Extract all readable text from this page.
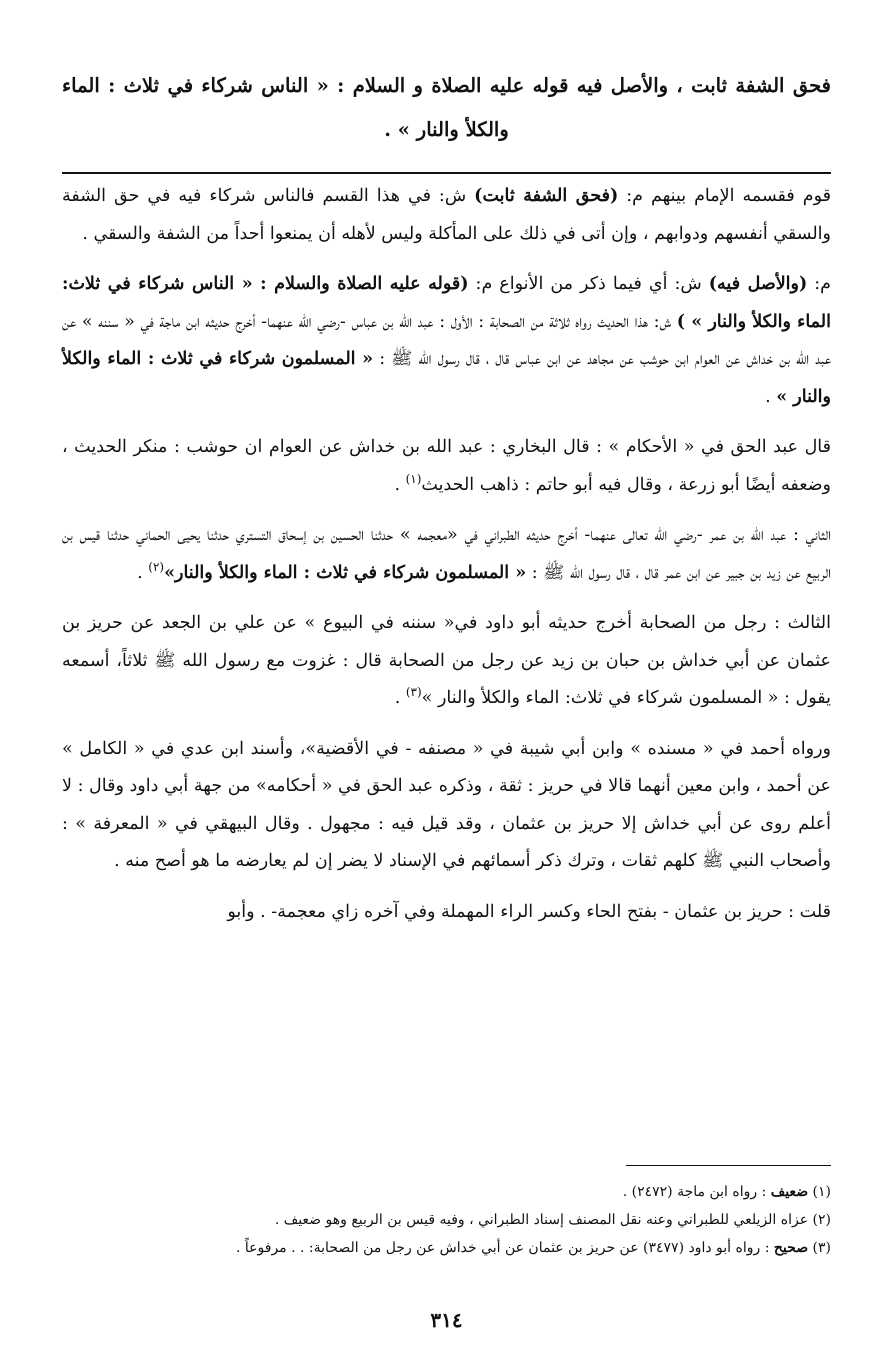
فحق الشفة ثابت ، والأصل فيه قوله عليه الصلاة و السلام : « الناس شركاء في ثلاث : الماء والكلأ والنار » .

قوم فقسمه الإمام بينهم م: (فحق الشفة ثابت) ش: في هذا القسم فالناس شركاء فيه في حق الشفة والسقي أنفسهم ودوابهم ، وإن أتى في ذلك على المأكلة وليس لأهله أن يمنعوا أحداً من الشفة والسقي .

م: (والأصل فيه) ش: أي فيما ذكر من الأنواع م: (قوله عليه الصلاة والسلام : « الناس شركاء في ثلاث: الماء والكلأ والنار » ) ش: هذا الحديث رواه ثلاثة من الصحابة : الأول : عبد الله بن عباس -رضي الله عنهما- أخرج حديثه ابن ماجة في « سننه » عن عبد الله بن خداش عن العوام ابن حوشب عن مجاهد عن ابن عباس قال ، قال رسول الله ﷺ : « المسلمون شركاء في ثلاث : الماء والكلأ والنار » .

قال عبد الحق في « الأحكام » : قال البخاري : عبد الله بن خداش عن العوام ان حوشب : منكر الحديث ، وضعفه أيضًا أبو زرعة ، وقال فيه أبو حاتم : ذاهب الحديث$^{(١)}$ .

الثاني : عبد الله بن عمر -رضي الله تعالى عنهما- أخرج حديثه الطبراني في «معجمه » حدثنا الحسين بن إسحاق التستري حدثنا يحيى الحماني حدثنا قيس بن الربيع عن زيد بن جبير عن ابن عمر قال ، قال رسول الله ﷺ : « المسلمون شركاء في ثلاث : الماء والكلأ والنار»$^{(٢)}$ .

الثالث : رجل من الصحابة أخرج حديثه أبو داود في« سننه في البيوع » عن علي بن الجعد عن حريز بن عثمان عن أبي خداش بن حبان بن زيد عن رجل من الصحابة قال : غزوت مع رسول الله ﷺ ثلاثاً، أسمعه يقول : « المسلمون شركاء في ثلاث: الماء والكلأ والنار »$^{(٣)}$ .

ورواه أحمد في « مسنده » وابن أبي شيبة في « مصنفه - في الأقضية»، وأسند ابن عدي في « الكامل » عن أحمد ، وابن معين أنهما قالا في حريز : ثقة ، وذكره عبد الحق في « أحكامه» من جهة أبي داود وقال : لا أعلم روى عن أبي خداش إلا حريز بن عثمان ، وقد قيل فيه : مجهول . وقال البيهقي في « المعرفة » : وأصحاب النبي ﷺ كلهم ثقات ، وترك ذكر أسمائهم في الإسناد لا يضر إن لم يعارضه ما هو أصح منه .

قلت : حريز بن عثمان - بفتح الحاء وكسر الراء المهملة وفي آخره زاي معجمة- . وأبو

(١) ضعيف : رواه ابن ماجة (٢٤٧٢) .

(٢) عزاه الزيلعي للطبراني وعنه نقل المصنف إسناد الطبراني ، وفيه قيس بن الربيع وهو ضعيف .

(٣) صحيح : رواه أبو داود (٣٤٧٧) عن حريز بن عثمان عن أبي خداش عن رجل من الصحابة: . . مرفوعاً .

٣١٤
